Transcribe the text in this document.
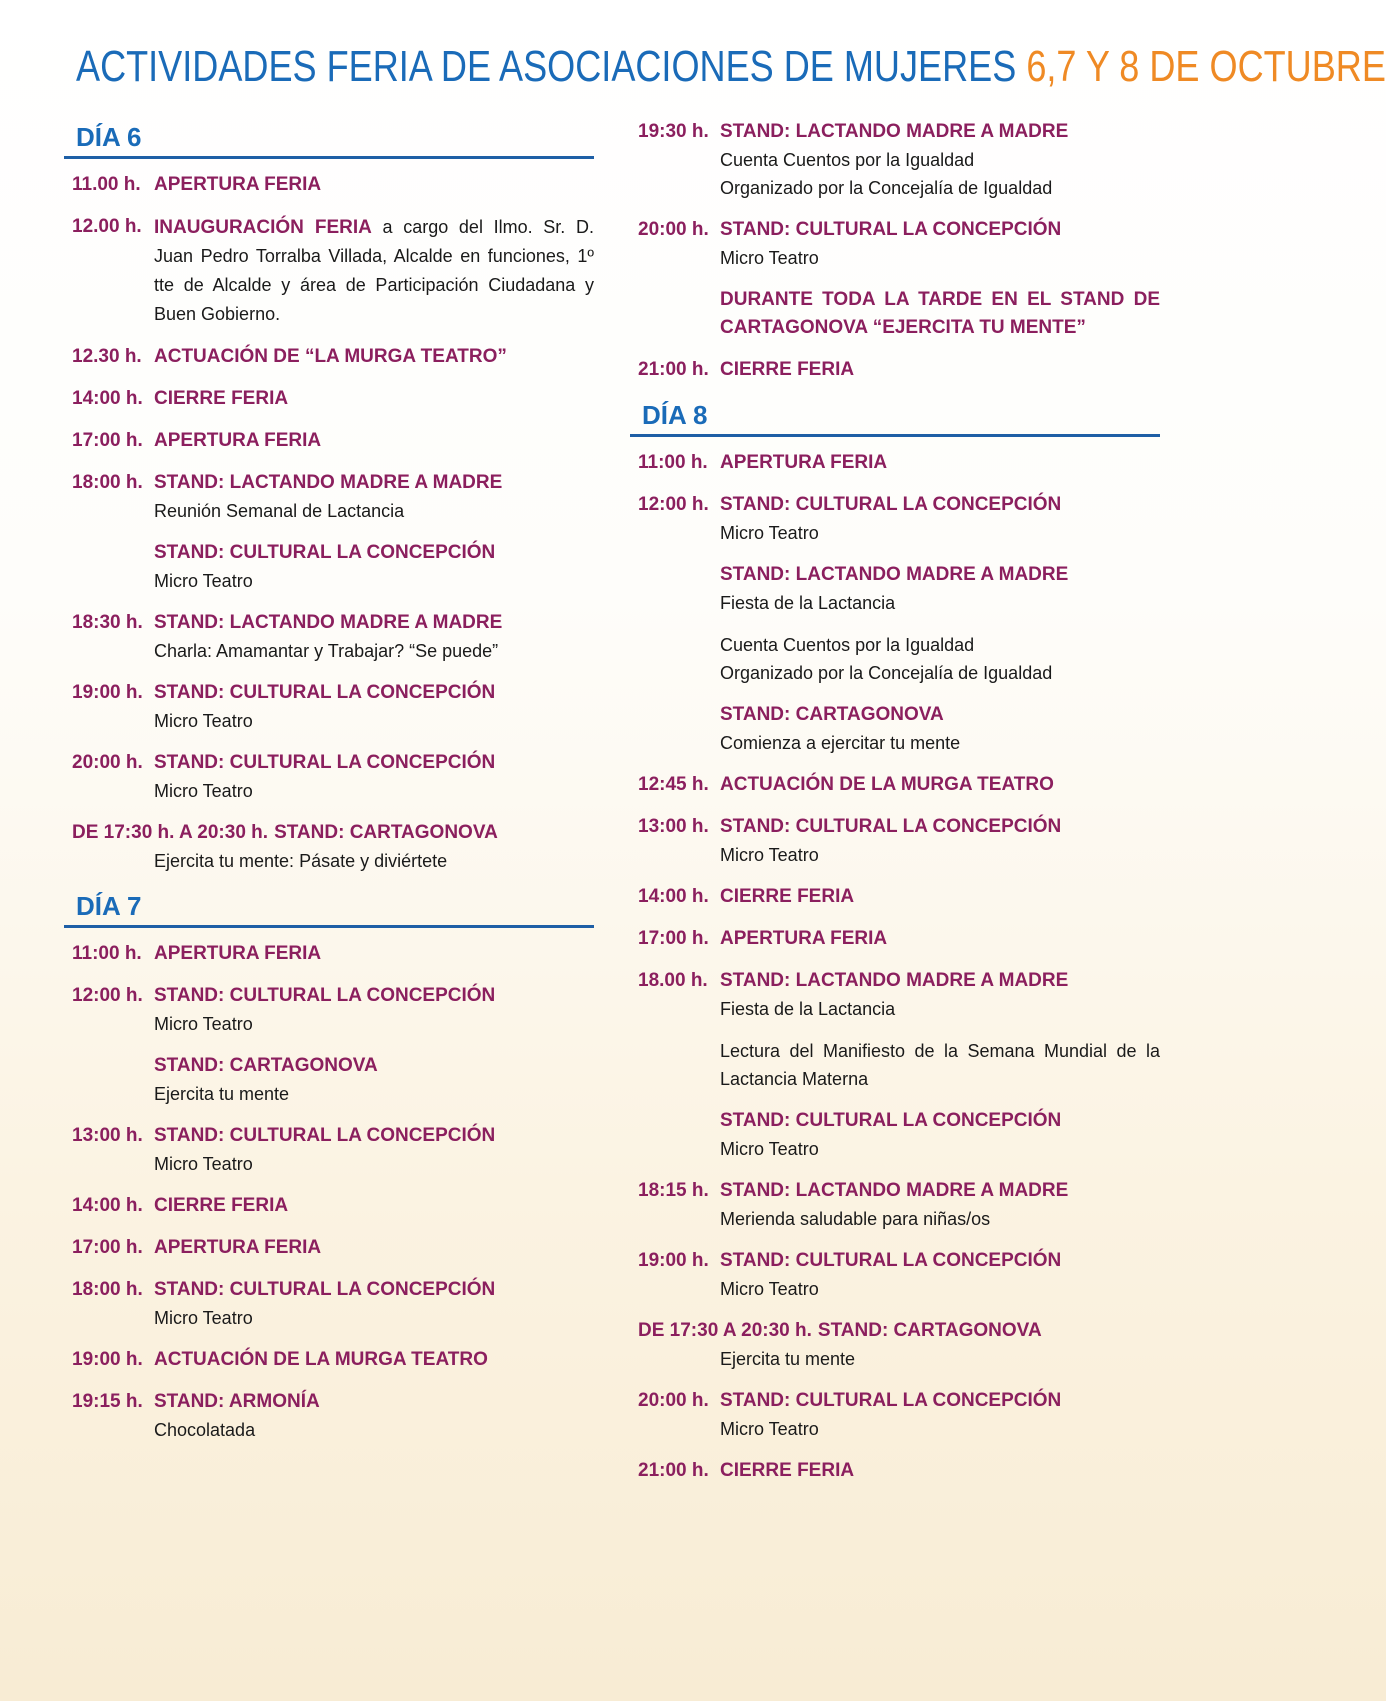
ACTIVIDADES FERIA DE ASOCIACIONES DE MUJERES 6,7 Y 8 DE OCTUBRE
DÍA 6
11.00 h. APERTURA FERIA
12.00 h. INAUGURACIÓN FERIA a cargo del Ilmo. Sr. D. Juan Pedro Torralba Villada, Alcalde en funciones, 1º tte de Alcalde y área de Participación Ciudadana y Buen Gobierno.
12.30 h. ACTUACIÓN DE “LA MURGA TEATRO”
14:00 h. CIERRE FERIA
17:00 h. APERTURA FERIA
18:00 h. STAND: LACTANDO MADRE A MADRE
Reunión Semanal de Lactancia
STAND: CULTURAL LA CONCEPCIÓN
Micro Teatro
18:30 h. STAND: LACTANDO MADRE A MADRE
Charla: Amamantar y Trabajar? “Se puede”
19:00 h. STAND: CULTURAL LA CONCEPCIÓN
Micro Teatro
20:00 h. STAND: CULTURAL LA CONCEPCIÓN
Micro Teatro
DE 17:30 h. A 20:30 h. STAND: CARTAGONOVA
Ejercita tu mente: Pásate y diviértete
DÍA 7
11:00 h. APERTURA FERIA
12:00 h. STAND: CULTURAL LA CONCEPCIÓN
Micro Teatro
STAND: CARTAGONOVA
Ejercita tu mente
13:00 h. STAND: CULTURAL LA CONCEPCIÓN
Micro Teatro
14:00 h. CIERRE FERIA
17:00 h. APERTURA FERIA
18:00 h. STAND: CULTURAL LA CONCEPCIÓN
Micro Teatro
19:00 h. ACTUACIÓN DE LA MURGA TEATRO
19:15 h. STAND: ARMONÍA
Chocolatada
19:30 h. STAND: LACTANDO MADRE A MADRE
Cuenta Cuentos por la Igualdad
Organizado por la Concejalía de Igualdad
20:00 h. STAND: CULTURAL LA CONCEPCIÓN
Micro Teatro
DURANTE TODA LA TARDE EN EL STAND DE CARTAGONOVA “EJERCITA TU MENTE”
21:00 h. CIERRE FERIA
DÍA 8
11:00 h. APERTURA FERIA
12:00 h. STAND: CULTURAL LA CONCEPCIÓN
Micro Teatro
STAND: LACTANDO MADRE A MADRE
Fiesta de la Lactancia
Cuenta Cuentos por la Igualdad
Organizado por la Concejalía de Igualdad
STAND: CARTAGONOVA
Comienza a ejercitar tu mente
12:45 h. ACTUACIÓN DE LA MURGA TEATRO
13:00 h. STAND: CULTURAL LA CONCEPCIÓN
Micro Teatro
14:00 h. CIERRE FERIA
17:00 h. APERTURA FERIA
18.00 h. STAND: LACTANDO MADRE A MADRE
Fiesta de la Lactancia
Lectura del Manifiesto de la Semana Mundial de la Lactancia Materna
STAND: CULTURAL LA CONCEPCIÓN
Micro Teatro
18:15 h. STAND: LACTANDO MADRE A MADRE
Merienda saludable para niñas/os
19:00 h. STAND: CULTURAL LA CONCEPCIÓN
Micro Teatro
DE 17:30 A 20:30 h. STAND: CARTAGONOVA
Ejercita tu mente
20:00 h. STAND: CULTURAL LA CONCEPCIÓN
Micro Teatro
21:00 h. CIERRE FERIA
